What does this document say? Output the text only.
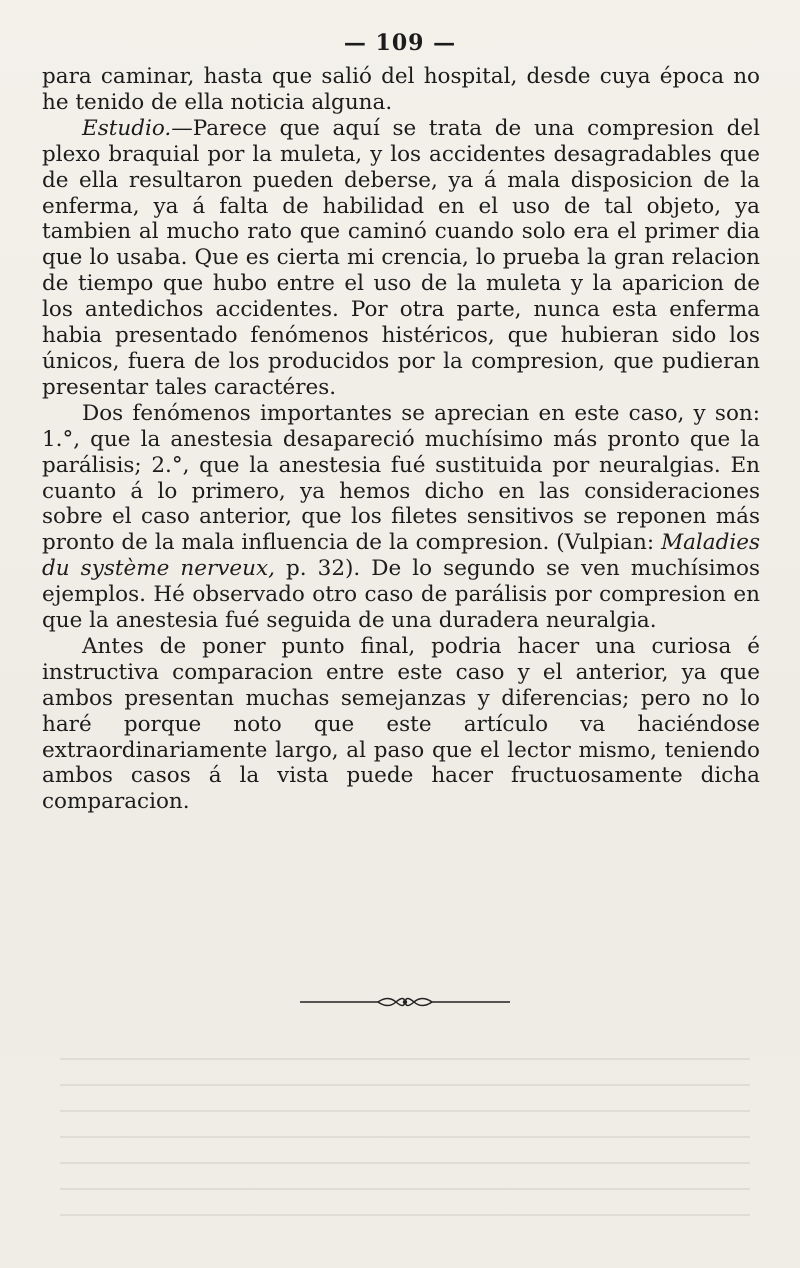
— 109 —

para caminar, hasta que salió del hospital, desde cuya época no he tenido de ella noticia alguna.

Estudio.—Parece que aquí se trata de una compresion del plexo braquial por la muleta, y los accidentes desagradables que de ella resultaron pueden deberse, ya á mala disposicion de la enferma, ya á falta de habilidad en el uso de tal objeto, ya tambien al mucho rato que caminó cuando solo era el primer dia que lo usaba. Que es cierta mi crencia, lo prueba la gran relacion de tiempo que hubo entre el uso de la muleta y la aparicion de los antedichos accidentes. Por otra parte, nunca esta enferma habia presentado fenómenos histéricos, que hubieran sido los únicos, fuera de los producidos por la compresion, que pudieran presentar tales caractéres.

Dos fenómenos importantes se aprecian en este caso, y son: 1.°, que la anestesia desapareció muchísimo más pronto que la parálisis; 2.°, que la anestesia fué sustituida por neuralgias. En cuanto á lo primero, ya hemos dicho en las consideraciones sobre el caso anterior, que los filetes sensitivos se reponen más pronto de la mala influencia de la compresion. (Vulpian: Maladies du système nerveux, p. 32). De lo segundo se ven muchísimos ejemplos. Hé observado otro caso de parálisis por compresion en que la anestesia fué seguida de una duradera neuralgia.

Antes de poner punto final, podria hacer una curiosa é instructiva comparacion entre este caso y el anterior, ya que ambos presentan muchas semejanzas y diferencias; pero no lo haré porque noto que este artículo va haciéndose extraordinariamente largo, al paso que el lector mismo, teniendo ambos casos á la vista puede hacer fructuosamente dicha comparacion.
